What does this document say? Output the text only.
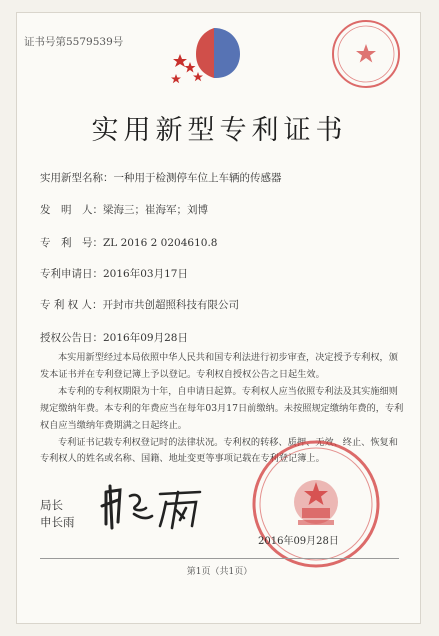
证书号第5579539号
实用新型专利证书
实用新型名称：一种用于检测停车位上车辆的传感器
发　明　人：梁海三；崔海军；刘博
专　利　号：ZL 2016 2 0204610.8
专利申请日：2016年03月17日
专 利 权 人：开封市共创超照科技有限公司
授权公告日：2016年09月28日

本实用新型经过本局依照中华人民共和国专利法进行初步审查，决定授予专利权，颁发本证书并在专利登记簿上予以登记。专利权自授权公告之日起生效。

本专利的专利权期限为十年，自申请日起算。专利权人应当依照专利法及其实施细则规定缴纳年费。本专利的年费应当在每年03月17日前缴纳。未按照规定缴纳年费的，专利权自应当缴纳年费期满之日起终止。

专利证书记载专利权登记时的法律状况。专利权的转移、质押、无效、终止、恢复和专利权人的姓名或名称、国籍、地址变更等事项记载在专利登记簿上。

局长
申长雨
2016年09月28日
第1页（共1页）
